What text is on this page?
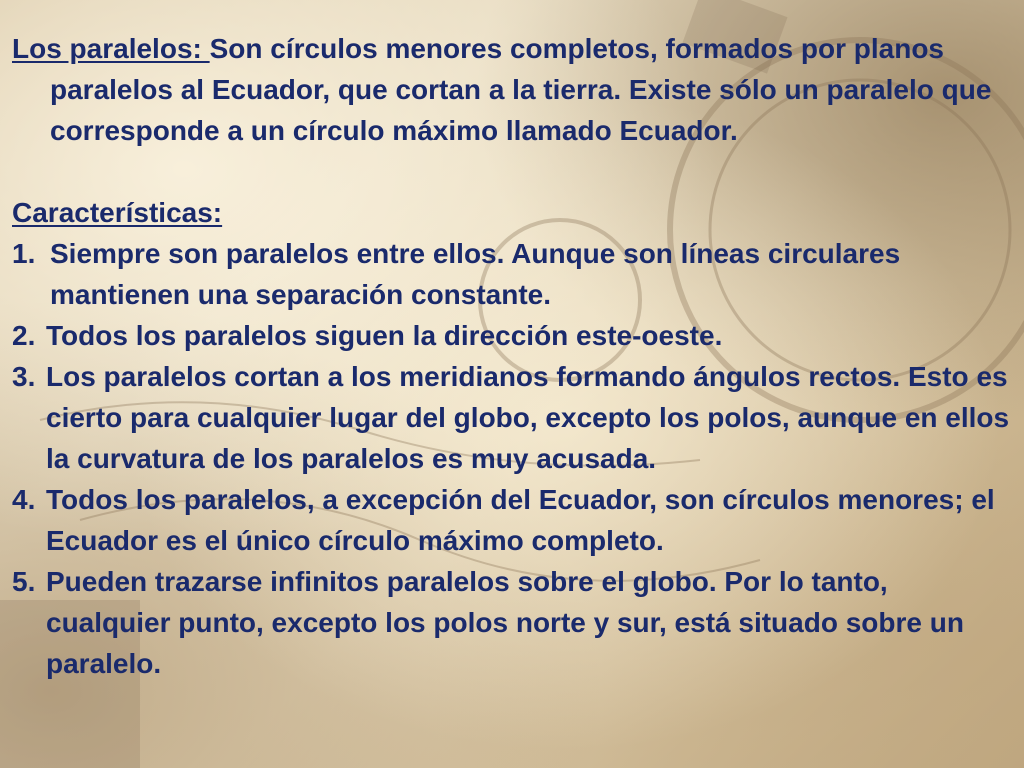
Los paralelos: Son círculos menores completos, formados por planos paralelos al Ecuador, que cortan a la tierra. Existe sólo un paralelo que corresponde a un círculo máximo llamado Ecuador.

Características:

1. Siempre son paralelos entre ellos. Aunque son líneas circulares mantienen una separación constante.
2. Todos los paralelos siguen la dirección este-oeste.
3. Los paralelos cortan a los meridianos formando ángulos rectos. Esto es cierto para cualquier lugar del globo, excepto los polos, aunque en ellos la curvatura de los paralelos es muy acusada.
4. Todos los paralelos, a excepción del Ecuador, son círculos menores; el Ecuador es el único círculo máximo completo.
5. Pueden trazarse infinitos paralelos sobre el globo. Por lo tanto, cualquier punto, excepto los polos norte y sur, está situado sobre un paralelo.
